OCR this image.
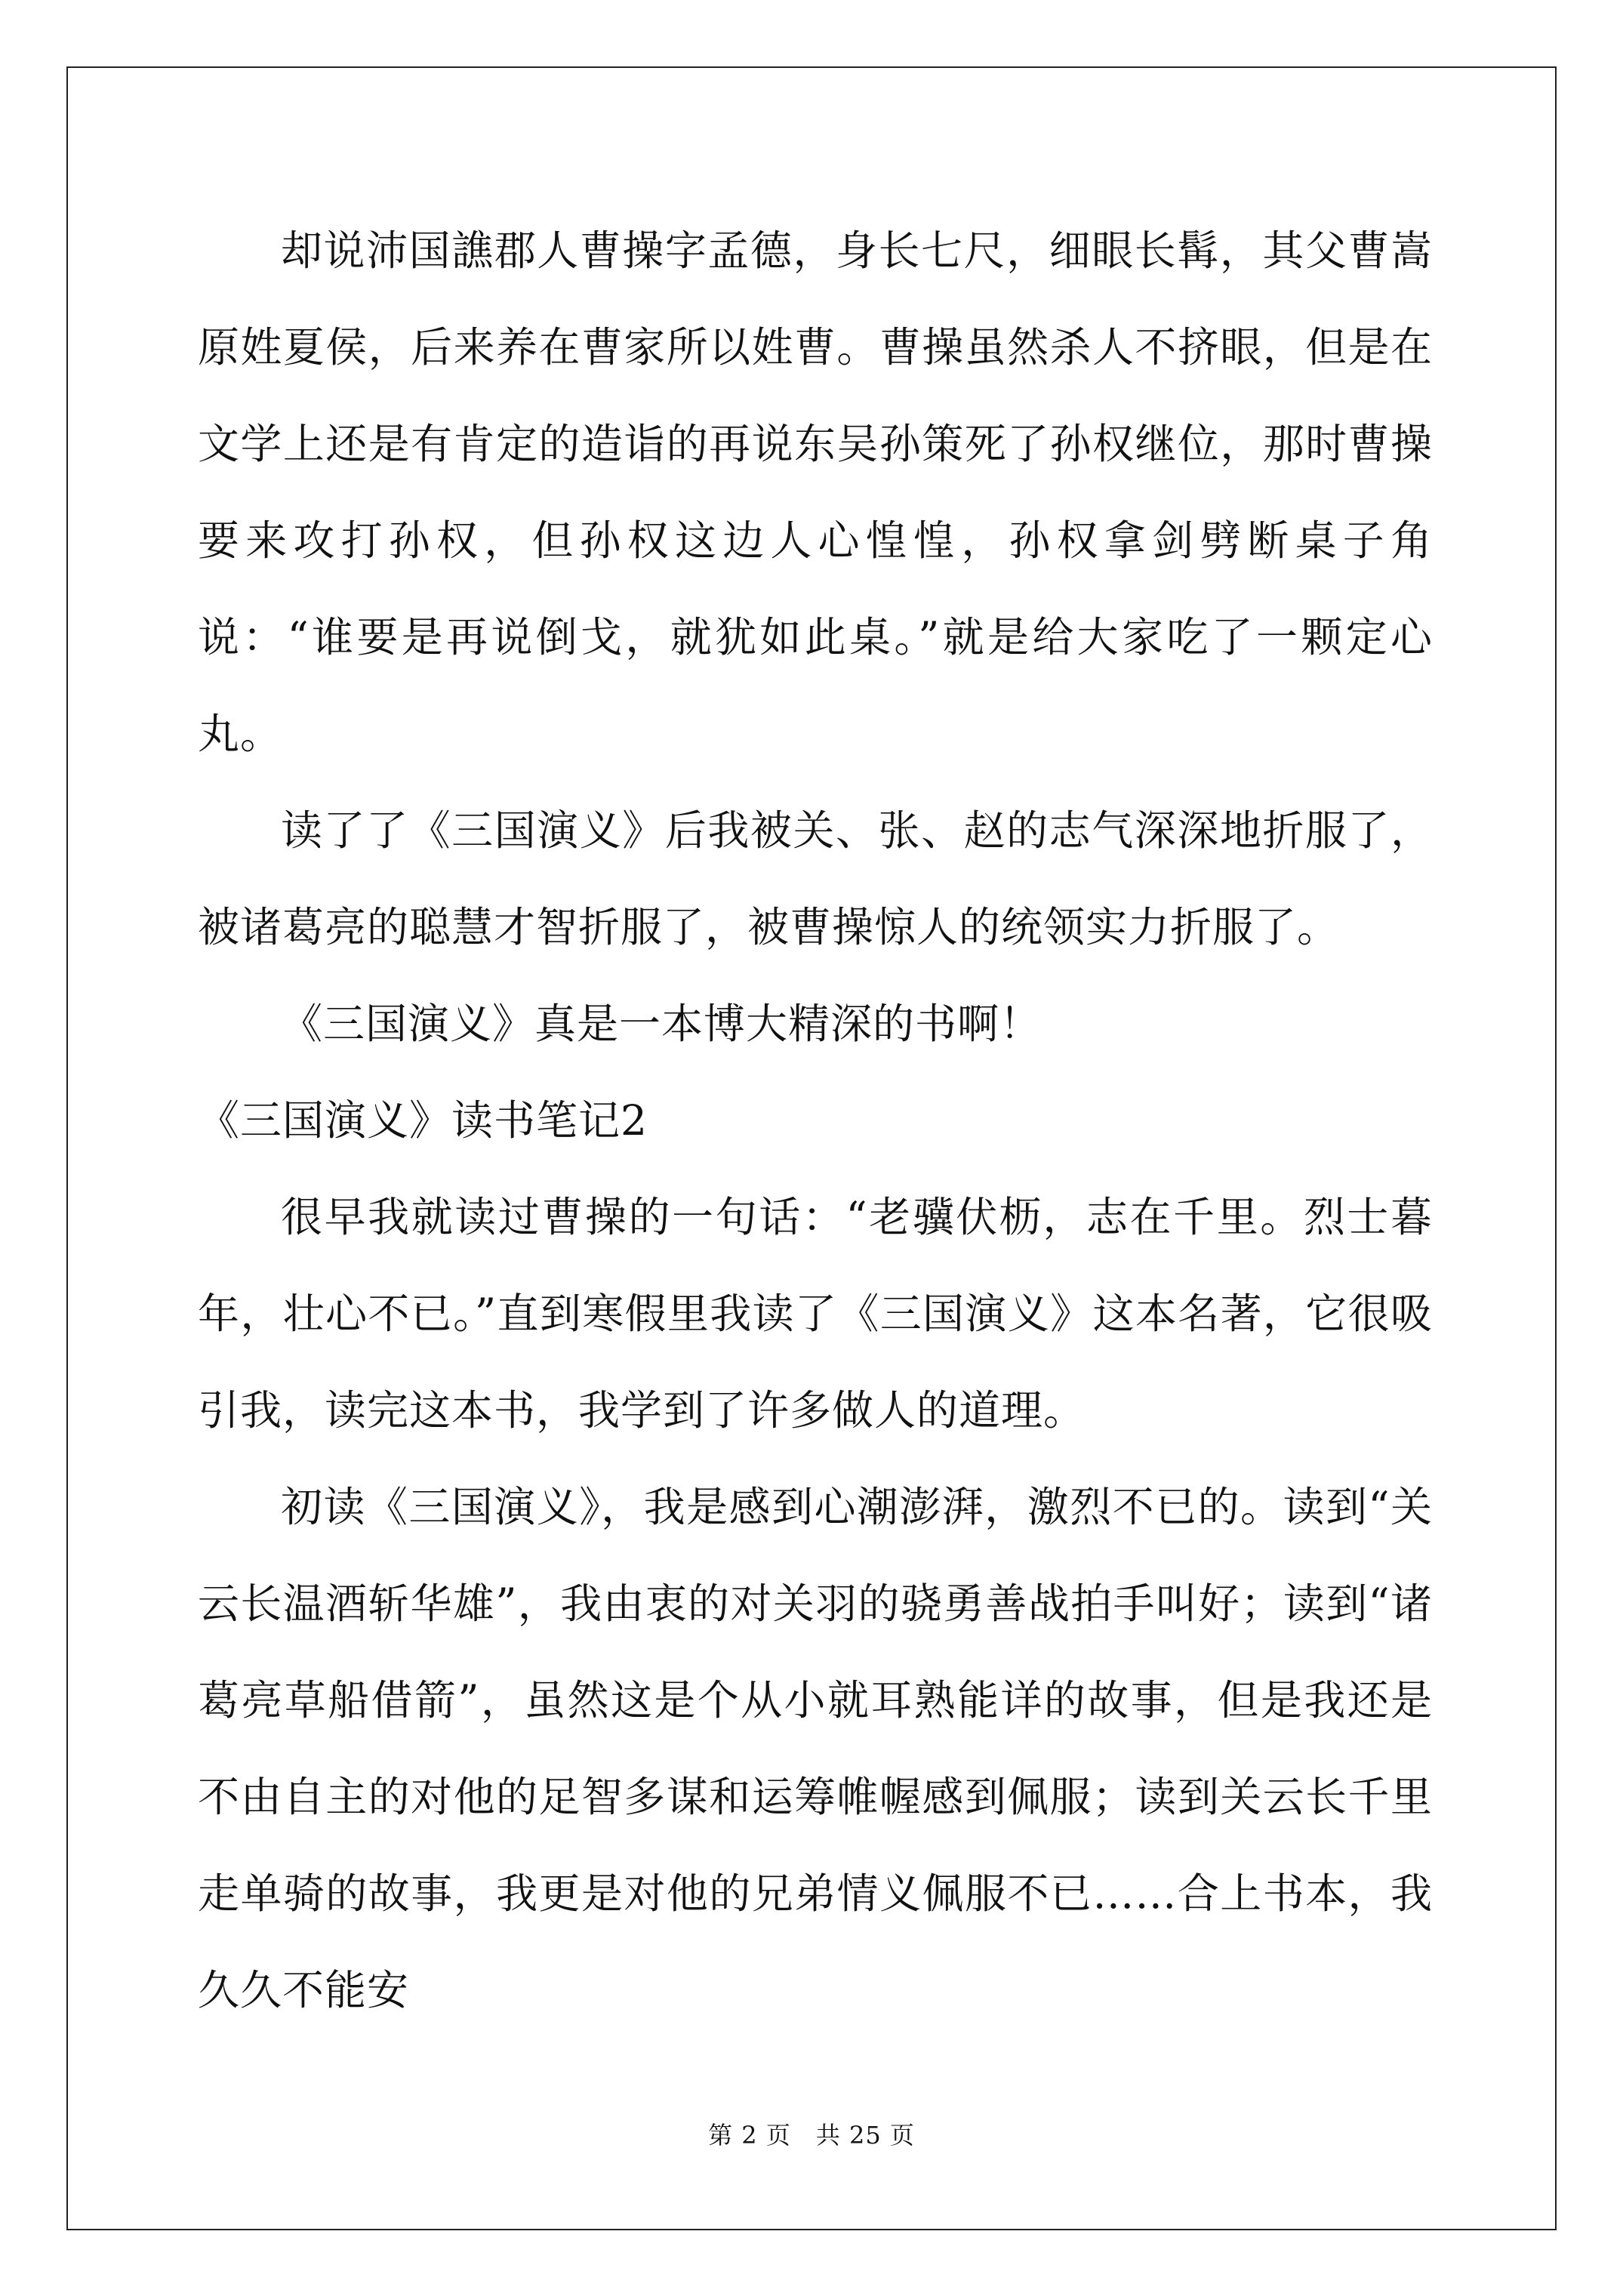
却说沛国譙郡人曹操字孟德，身长七尺，细眼长髯，其父曹嵩原姓夏侯，后来养在曹家所以姓曹。曹操虽然杀人不挤眼，但是在文学上还是有肯定的造诣的再说东吴孙策死了孙权继位，那时曹操要来攻打孙权，但孙权这边人心惶惶，孙权拿剑劈断桌子角说：“谁要是再说倒戈，就犹如此桌。”就是给大家吃了一颗定心丸。

读了了《三国演义》后我被关、张、赵的志气深深地折服了，被诸葛亮的聪慧才智折服了，被曹操惊人的统领实力折服了。

《三国演义》真是一本博大精深的书啊！

《三国演义》读书笔记2

很早我就读过曹操的一句话：“老骥伏枥，志在千里。烈士暮年，壮心不已。”直到寒假里我读了《三国演义》这本名著，它很吸引我，读完这本书，我学到了许多做人的道理。

初读《三国演义》，我是感到心潮澎湃，激烈不已的。读到“关云长温酒斩华雄”，我由衷的对关羽的骁勇善战拍手叫好；读到“诸葛亮草船借箭”，虽然这是个从小就耳熟能详的故事，但是我还是不由自主的对他的足智多谋和运筹帷幄感到佩服；读到关云长千里走单骑的故事，我更是对他的兄弟情义佩服不已……合上书本，我久久不能安

第 2 页　共 25 页
